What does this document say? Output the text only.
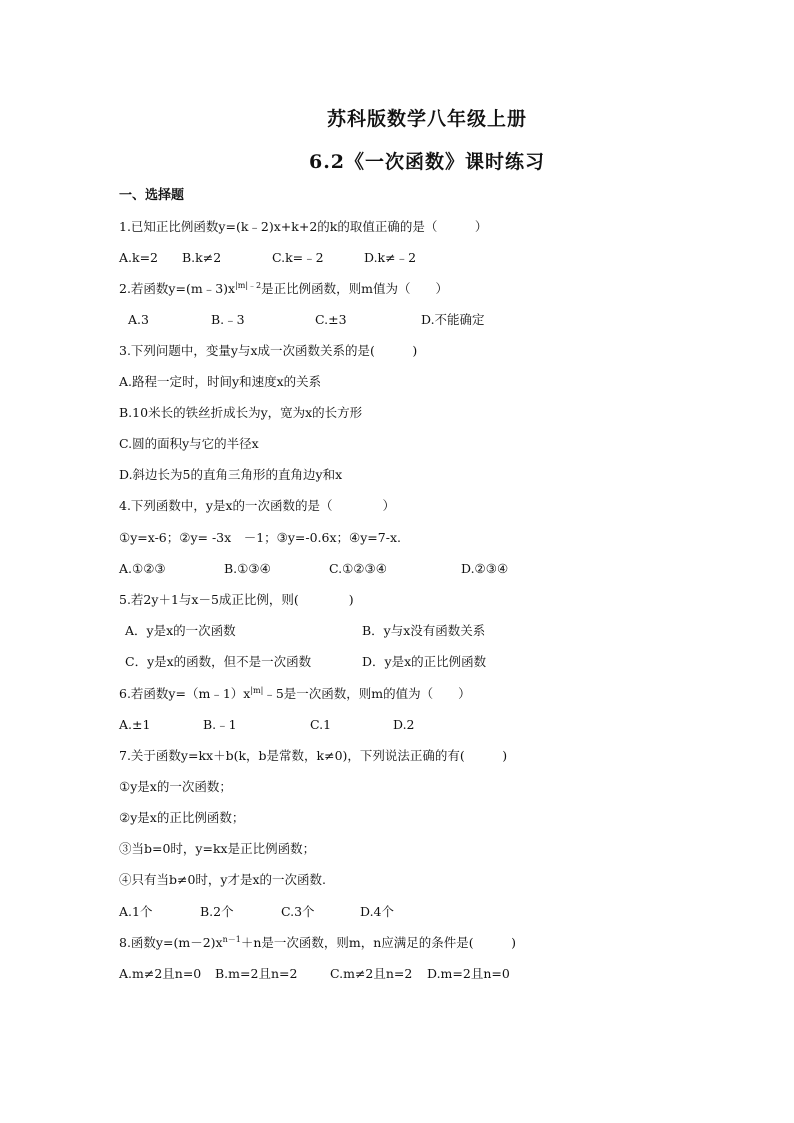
苏科版数学八年级上册
6.2《一次函数》课时练习
一、选择题
1.已知正比例函数y=(k﹣2)x+k+2的k的取值正确的是（　　　）
A.k=2 B.k≠2	C.k=﹣2	D.k≠﹣2
2.若函数$y=(m﹣3)x^{|m|﹣2}$是正比例函数，则m值为（　　）
A.3	B.﹣3	C.±3	D.不能确定
3.下列问题中，变量y与x成一次函数关系的是(　　　)
A.路程一定时，时间y和速度x的关系
B.10米长的铁丝折成长为y，宽为x的长方形
C.圆的面积y与它的半径x
D.斜边长为5的直角三角形的直角边y和x
4.下列函数中，y是x的一次函数的是（　　　　）
①y=x-6；②y= -3x　－1；③y=-0.6x；④y=7-x.
A.①②③	B.①③④	C.①②③④	D.②③④
5.若2y＋1与x－5成正比例，则(　　　　)
A．y是x的一次函数	B．y与x没有函数关系
C．y是x的函数，但不是一次函数	D．y是x的正比例函数
6.若函数$y=(m﹣1)x^{|m|}﹣5$是一次函数，则m的值为（　　）
A.±1	B.﹣1	C.1	D.2
7.关于函数y=kx＋b(k，b是常数，k≠0)，下列说法正确的有(　　　)
①y是x的一次函数；
②y是x的正比例函数；
③当b=0时，y=kx是正比例函数；
④只有当b≠0时，y才是x的一次函数.
A.1个	B.2个	C.3个	D.4个
8.函数$y=(m-2)x^{n-1}+n$是一次函数，则m，n应满足的条件是(　　　)
A.m≠2且n=0 B.m=2且n=2	C.m≠2且n=2 D.m=2且n=0
